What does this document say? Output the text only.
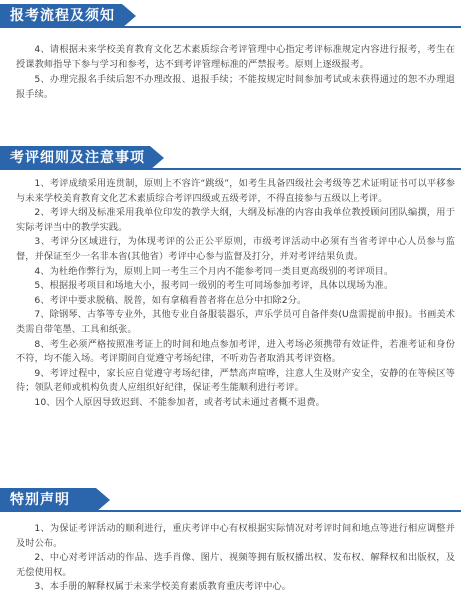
报考流程及须知

4、请根据未来学校美育教育文化艺术素质综合考评管理中心指定考评标准规定内容进行报考，考生在授课教师指导下参与学习和参考，达不到考评管理标准的严禁报考。原则上逐级报考。

5、办理完报名手续后恕不办理改报、退报手续；不能按规定时间参加考试或未获得通过的恕不办理退报手续。

考评细则及注意事项

1、考评成绩采用连贯制，原则上不容许“跳级”，如考生具备四级社会考级等艺术证明证书可以平移参与未来学校美育教育文化艺术素质综合考评四级或五级考评，不得直接参与五级以上考评。

2、考评大纲及标准采用我单位印发的教学大纲，大纲及标准的内容由我单位教授顾问团队编撰，用于实际考评当中的教学实践。

3、考评分区域进行，为体现考评的公正公平原则，市级考评活动中必须有当省考评中心人员参与监督，并保证至少一名非本省(其他省）考评中心参与监督及打分，并对考评结果负责。

4、为杜绝作弊行为，原则上同一考生三个月内不能参考同一类目更高级别的考评项目。

5、根据报考项目和场地大小，报考同一级别的考生可同场参加考评，具体以现场为准。

6、考评中要求脱稿、脱普，如有拿稿看普者将在总分中扣除2分。

7、除钢琴、古筝等专业外，其他专业自备服装器乐，声乐学员可自备伴奏(U盘需提前申报)。书画美术类需自带笔墨、工具和纸张。

8、考生必须严格按照准考证上的时间和地点参加考评，进入考场必须携带有效证件，若准考证和身份不符，均不能入场。考评期间自觉遵守考场纪律，不听劝告者取消其考评资格。

9、考评过程中，家长应自觉遵守考场纪律，严禁高声喧哗，注意人生及财产安全，安静的在等候区等待；领队老师或机构负责人应组织好纪律，保证考生能顺利进行考评。

10、因个人原因导致迟到、不能参加者，或者考试未通过者概不退费。

特别声明

1、为保证考评活动的顺利进行，重庆考评中心有权根据实际情况对考评时间和地点等进行相应调整并及时公布。

2、中心对考评活动的作品、选手肖像、图片、视频等拥有版权播出权、发布权、解释权和出版权，及无偿使用权。

3、本手册的解释权属于未来学校美育素质教育重庆考评中心。
